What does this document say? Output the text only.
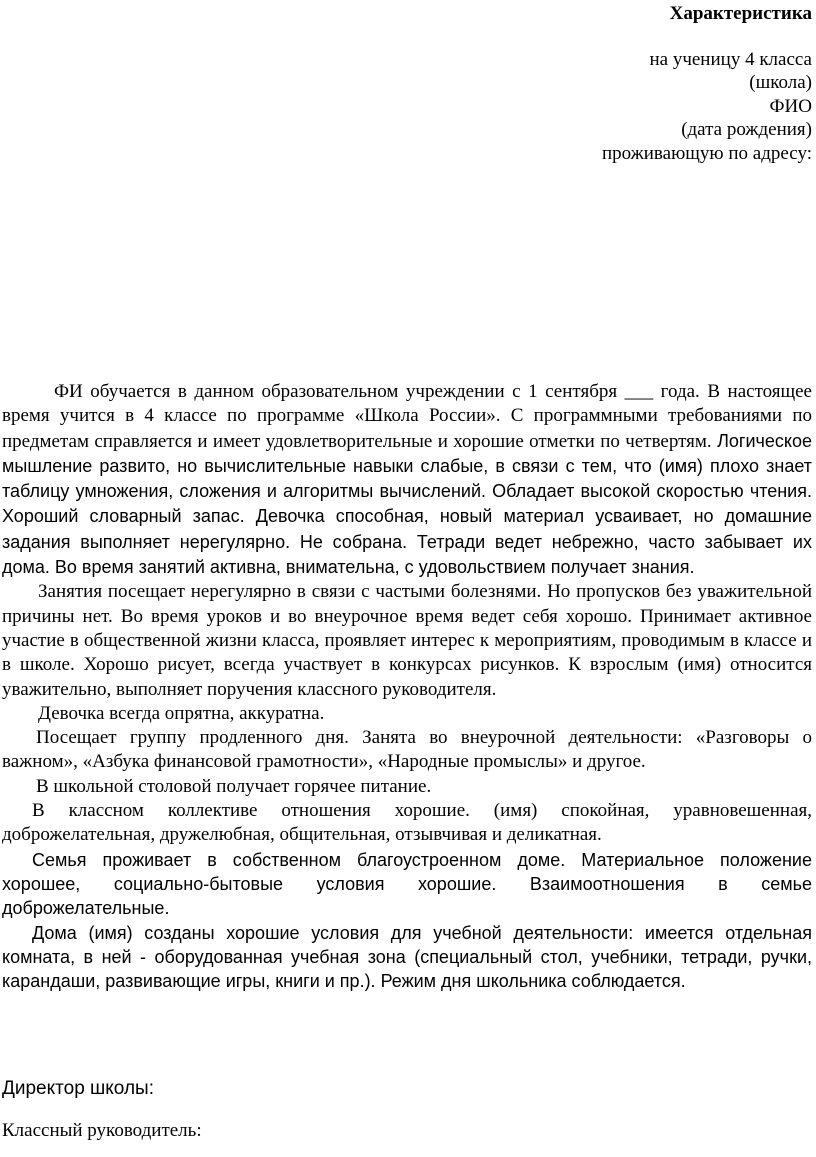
Характеристика
на ученицу 4 класса
(школа)
ФИО
(дата рождения)
проживающую по адресу:

ФИ обучается в данном образовательном учреждении с 1 сентября ___ года. В настоящее время учится в 4 классе по программе «Школа России». С программными требованиями по предметам справляется и имеет удовлетворительные и хорошие отметки по четвертям. Логическое мышление развито, но вычислительные навыки слабые, в связи с тем, что (имя) плохо знает таблицу умножения, сложения и алгоритмы вычислений. Обладает высокой скоростью чтения. Хороший словарный запас. Девочка способная, новый материал усваивает, но домашние задания выполняет нерегулярно. Не собрана. Тетради ведет небрежно, часто забывает их дома. Во время занятий активна, внимательна, с удовольствием получает знания.

Занятия посещает нерегулярно в связи с частыми болезнями. Но пропусков без уважительной причины нет. Во время уроков и во внеурочное время ведет себя хорошо. Принимает активное участие в общественной жизни класса, проявляет интерес к мероприятиям, проводимым в классе и в школе. Хорошо рисует, всегда участвует в конкурсах рисунков. К взрослым (имя) относится уважительно, выполняет поручения классного руководителя.

Девочка всегда опрятна, аккуратна.

Посещает группу продленного дня. Занята во внеурочной деятельности: «Разговоры о важном», «Азбука финансовой грамотности», «Народные промыслы» и другое.

В школьной столовой получает горячее питание.

В классном коллективе отношения хорошие. (имя) спокойная, уравновешенная, доброжелательная, дружелюбная, общительная, отзывчивая и деликатная.

Семья проживает в собственном благоустроенном доме. Материальное положение хорошее, социально-бытовые условия хорошие. Взаимоотношения в семье доброжелательные.

Дома (имя) созданы хорошие условия для учебной деятельности: имеется отдельная комната, в ней - оборудованная учебная зона (специальный стол, учебники, тетради, ручки, карандаши, развивающие игры, книги и пр.). Режим дня школьника соблюдается.

Директор школы:
Классный руководитель:
